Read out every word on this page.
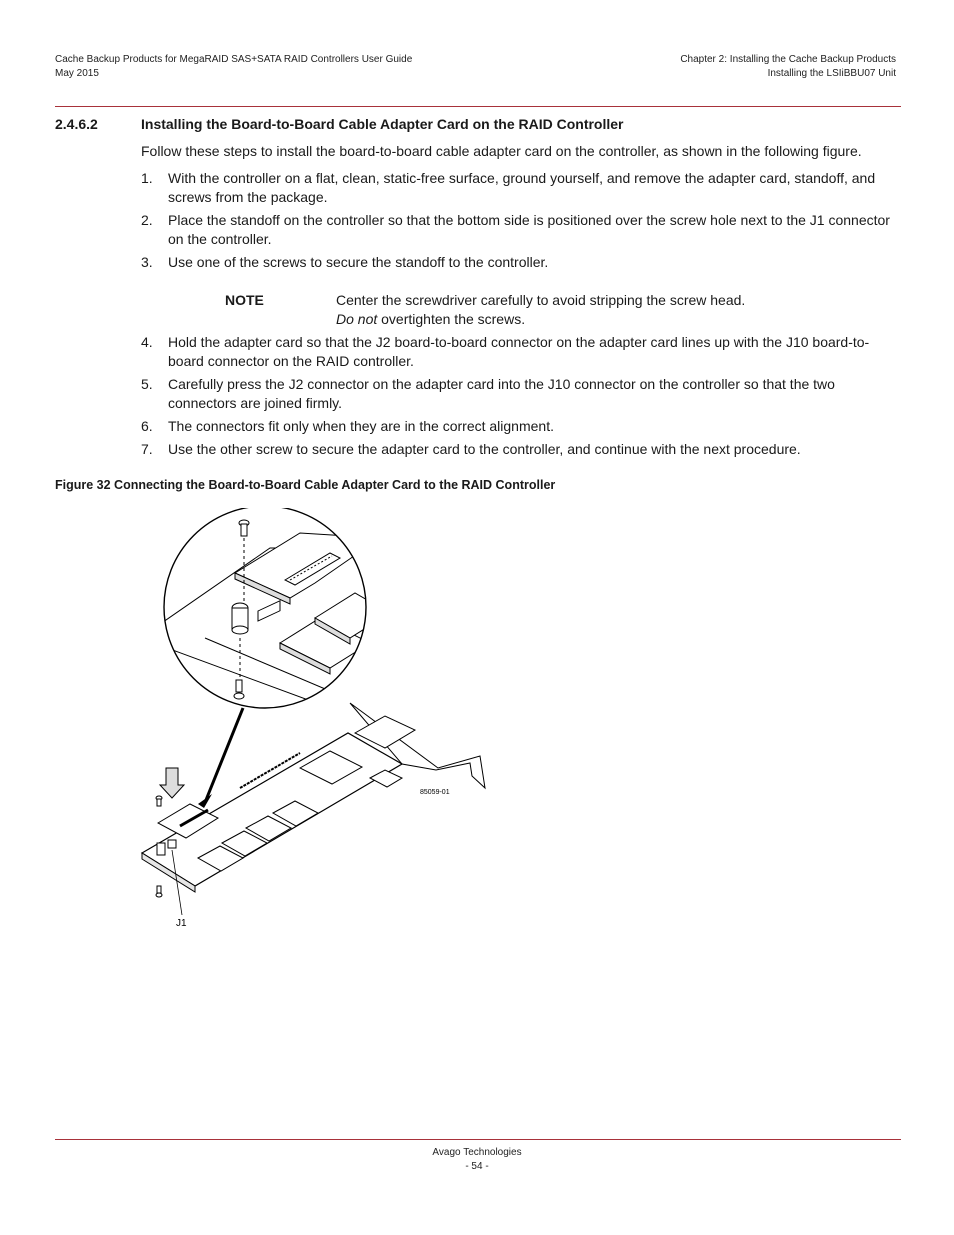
Cache Backup Products for MegaRAID SAS+SATA RAID Controllers User Guide
May 2015
Chapter 2: Installing the Cache Backup Products
Installing the LSIiBBU07 Unit
2.4.6.2	Installing the Board-to-Board Cable Adapter Card on the RAID Controller
Follow these steps to install the board-to-board cable adapter card on the controller, as shown in the following figure.
1.	With the controller on a flat, clean, static-free surface, ground yourself, and remove the adapter card, standoff, and screws from the package.
2.	Place the standoff on the controller so that the bottom side is positioned over the screw hole next to the J1 connector on the controller.
3.	Use one of the screws to secure the standoff to the controller.
NOTE	Center the screwdriver carefully to avoid stripping the screw head.
Do not overtighten the screws.
4.	Hold the adapter card so that the J2 board-to-board connector on the adapter card lines up with the J10 board-to-board connector on the RAID controller.
5.	Carefully press the J2 connector on the adapter card into the J10 connector on the controller so that the two connectors are joined firmly.
6.	The connectors fit only when they are in the correct alignment.
7.	Use the other screw to secure the adapter card to the controller, and continue with the next procedure.
Figure 32 Connecting the Board-to-Board Cable Adapter Card to the RAID Controller
J1
85059-01
Avago Technologies
- 54 -
